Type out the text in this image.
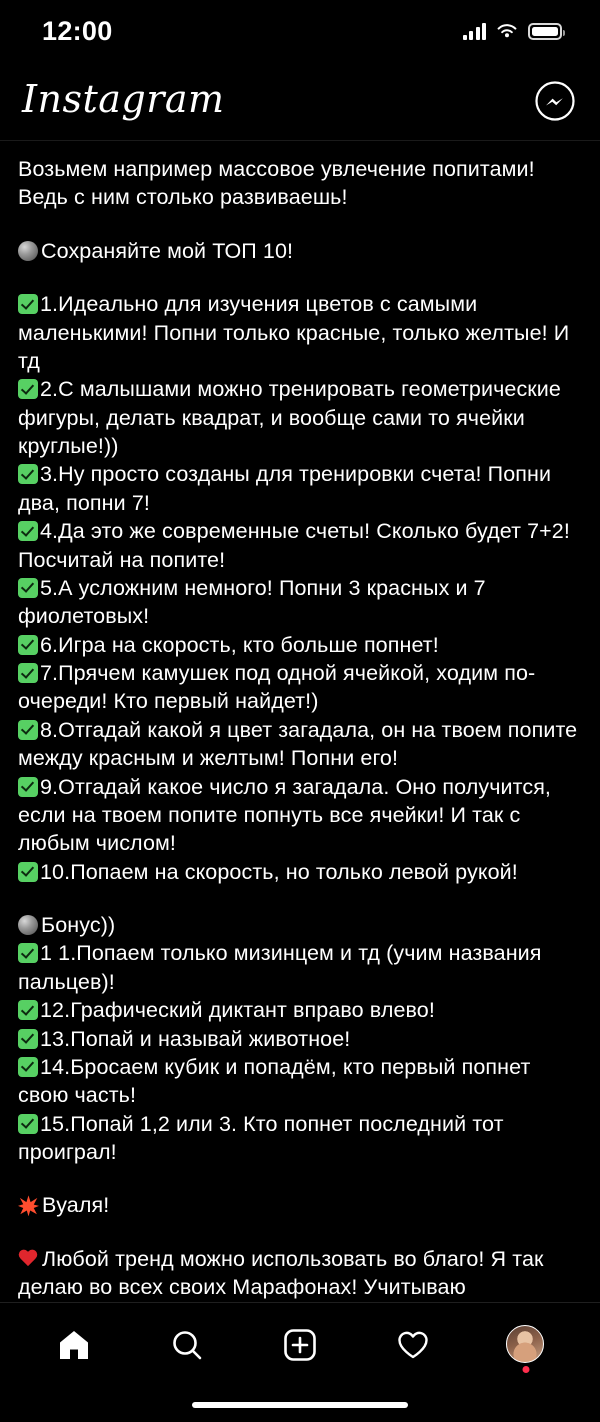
12:00
Instagram

Возьмем например массовое увлечение попитами! Ведь с ним столько развиваешь!

Сохраняйте мой ТОП 10!

1.Идеально для изучения цветов с самыми маленькими! Попни только красные, только желтые! И тд

2.С малышами можно тренировать геометрические фигуры, делать квадрат, и вообще сами то ячейки круглые!))

3.Ну просто созданы для тренировки счета! Попни два, попни 7!

4.Да это же современные счеты! Сколько будет 7+2! Посчитай на попите!

5.А усложним немного! Попни 3 красных и 7 фиолетовых!

6.Игра на скорость, кто больше попнет!

7.Прячем камушек под одной ячейкой, ходим по-очереди! Кто первый найдет!)

8.Отгадай какой я цвет загадала, он на твоем попите между красным и желтым! Попни его!

9.Отгадай какое число я загадала. Оно получится, если на твоем попите попнуть все ячейки! И так с любым числом!

10.Попаем на скорость, но только левой рукой!

Бонус))

1 1.Попаем только мизинцем и тд (учим названия пальцев)!

12.Графический диктант вправо влево!

13.Попай и называй животное!

14.Бросаем кубик и попадём, кто первый попнет свою часть!

15.Попай 1,2 или 3. Кто попнет последний тот проиграл!

Вуаля!

Любой тренд можно использовать во благо! Я так делаю во всех своих Марафонах! Учитываю
